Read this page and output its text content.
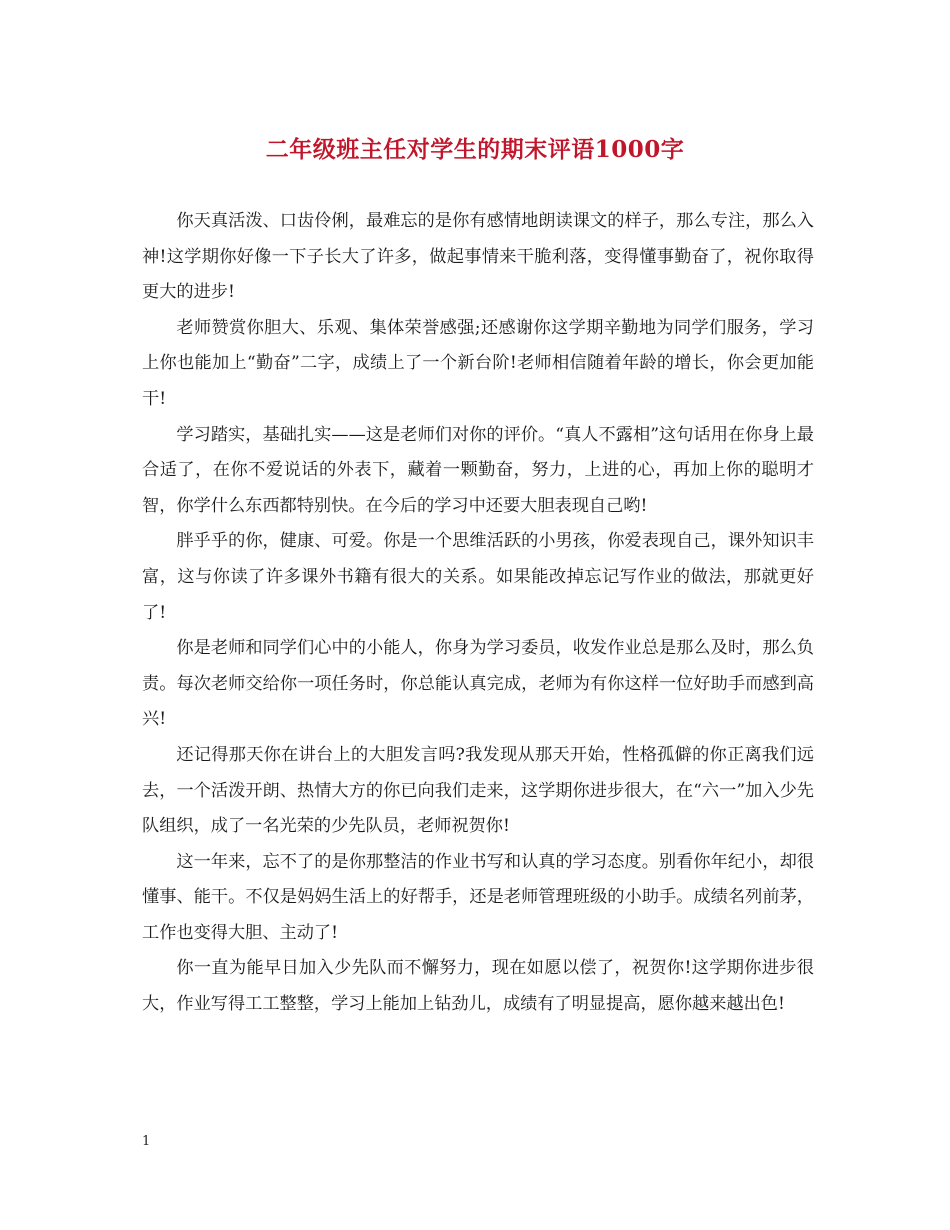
二年级班主任对学生的期末评语1000字

你天真活泼、口齿伶俐，最难忘的是你有感情地朗读课文的样子，那么专注，那么入神!这学期你好像一下子长大了许多，做起事情来干脆利落，变得懂事勤奋了，祝你取得更大的进步!

老师赞赏你胆大、乐观、集体荣誉感强;还感谢你这学期辛勤地为同学们服务，学习上你也能加上“勤奋”二字，成绩上了一个新台阶!老师相信随着年龄的增长，你会更加能干!

学习踏实，基础扎实——这是老师们对你的评价。“真人不露相”这句话用在你身上最合适了，在你不爱说话的外表下，藏着一颗勤奋，努力，上进的心，再加上你的聪明才智，你学什么东西都特别快。在今后的学习中还要大胆表现自己哟!

胖乎乎的你，健康、可爱。你是一个思维活跃的小男孩，你爱表现自己，课外知识丰富，这与你读了许多课外书籍有很大的关系。如果能改掉忘记写作业的做法，那就更好了!

你是老师和同学们心中的小能人，你身为学习委员，收发作业总是那么及时，那么负责。每次老师交给你一项任务时，你总能认真完成，老师为有你这样一位好助手而感到高兴!

还记得那天你在讲台上的大胆发言吗?我发现从那天开始，性格孤僻的你正离我们远去，一个活泼开朗、热情大方的你已向我们走来，这学期你进步很大，在“六一”加入少先队组织，成了一名光荣的少先队员，老师祝贺你!

这一年来，忘不了的是你那整洁的作业书写和认真的学习态度。别看你年纪小，却很懂事、能干。不仅是妈妈生活上的好帮手，还是老师管理班级的小助手。成绩名列前茅，工作也变得大胆、主动了!

你一直为能早日加入少先队而不懈努力，现在如愿以偿了，祝贺你!这学期你进步很大，作业写得工工整整，学习上能加上钻劲儿，成绩有了明显提高，愿你越来越出色!

1
